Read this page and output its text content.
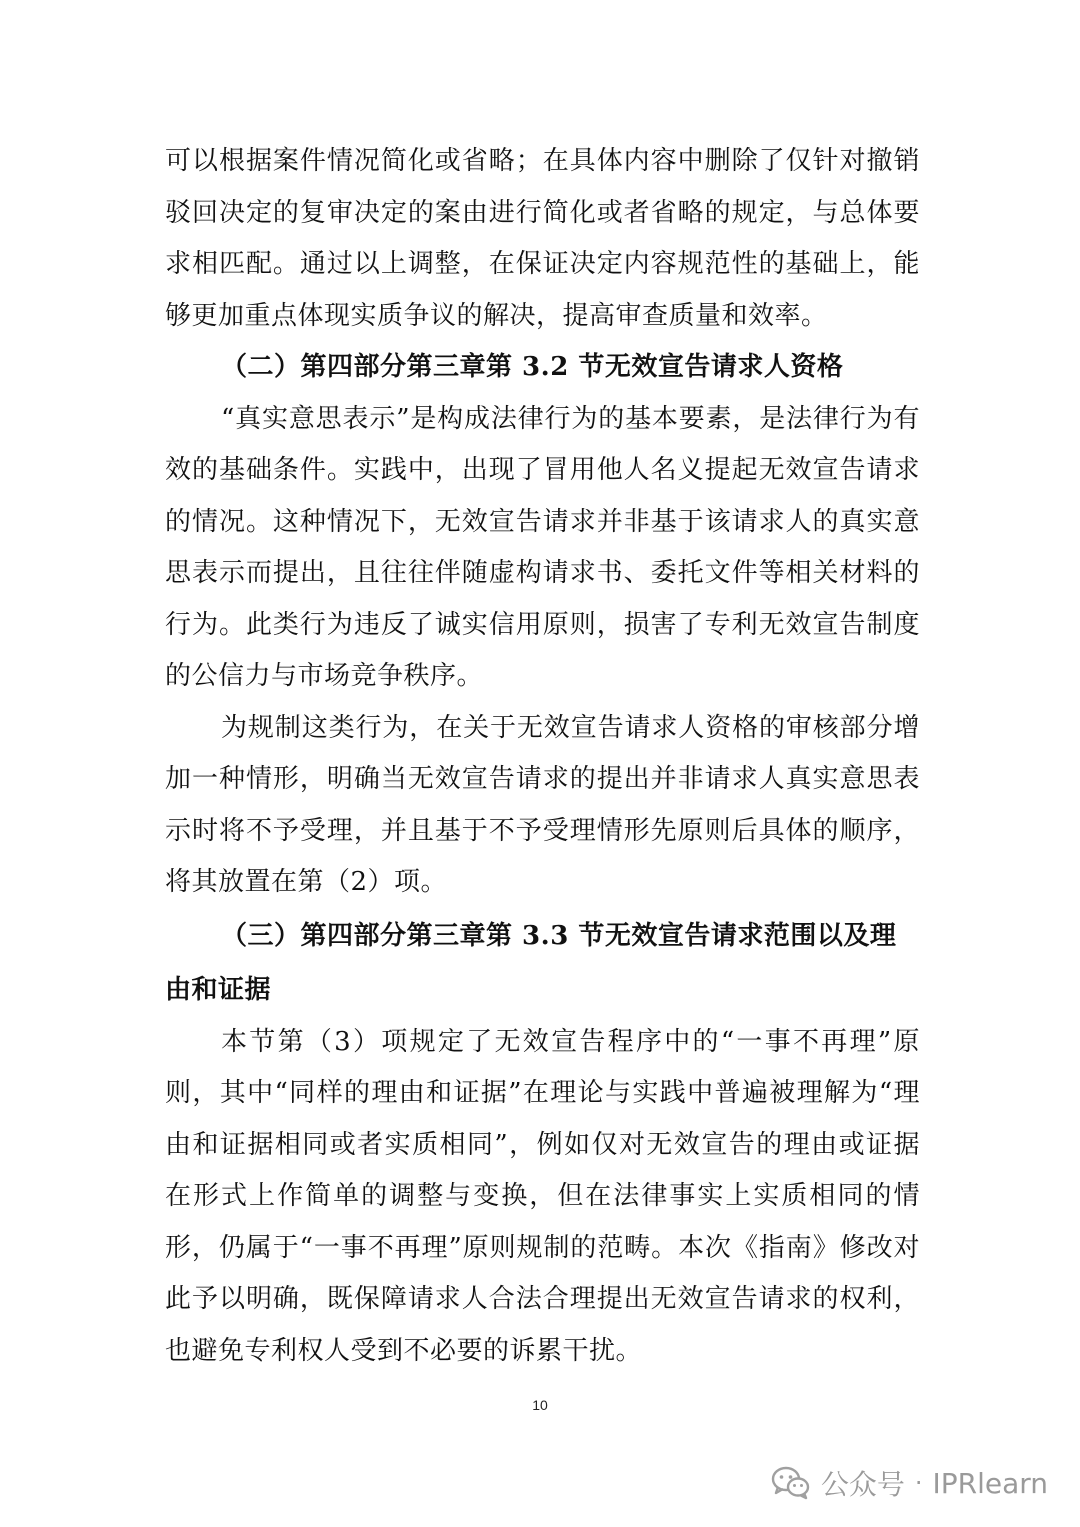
可以根据案件情况简化或省略；在具体内容中删除了仅针对撤销驳回决定的复审决定的案由进行简化或者省略的规定，与总体要求相匹配。通过以上调整，在保证决定内容规范性的基础上，能够更加重点体现实质争议的解决，提高审查质量和效率。

（二）第四部分第三章第 3.2 节无效宣告请求人资格

“真实意思表示”是构成法律行为的基本要素，是法律行为有效的基础条件。实践中，出现了冒用他人名义提起无效宣告请求的情况。这种情况下，无效宣告请求并非基于该请求人的真实意思表示而提出，且往往伴随虚构请求书、委托文件等相关材料的行为。此类行为违反了诚实信用原则，损害了专利无效宣告制度的公信力与市场竞争秩序。

为规制这类行为，在关于无效宣告请求人资格的审核部分增加一种情形，明确当无效宣告请求的提出并非请求人真实意思表示时将不予受理，并且基于不予受理情形先原则后具体的顺序，将其放置在第（2）项。

（三）第四部分第三章第 3.3 节无效宣告请求范围以及理由和证据

本节第（3）项规定了无效宣告程序中的“一事不再理”原则，其中“同样的理由和证据”在理论与实践中普遍被理解为“理由和证据相同或者实质相同”，例如仅对无效宣告的理由或证据在形式上作简单的调整与变换，但在法律事实上实质相同的情形，仍属于“一事不再理”原则规制的范畴。本次《指南》修改对此予以明确，既保障请求人合法合理提出无效宣告请求的权利，也避免专利权人受到不必要的诉累干扰。

10
公众号 · IPRlearn
